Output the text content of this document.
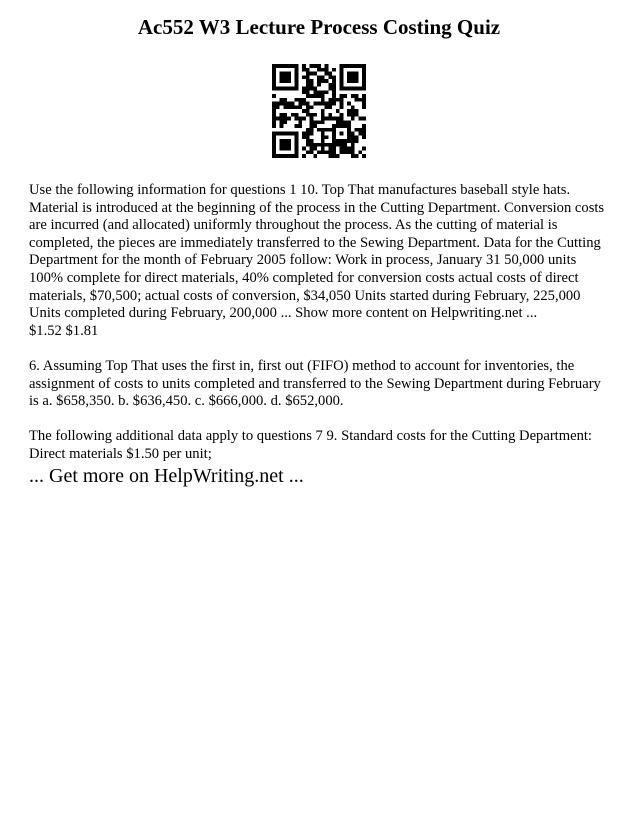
Ac552 W3 Lecture Process Costing Quiz

Use the following information for questions 1 10. Top That manufactures baseball style hats. Material is introduced at the beginning of the process in the Cutting Department. Conversion costs are incurred (and allocated) uniformly throughout the process. As the cutting of material is completed, the pieces are immediately transferred to the Sewing Department. Data for the Cutting Department for the month of February 2005 follow: Work in process, January 31 50,000 units 100% complete for direct materials, 40% completed for conversion costs actual costs of direct materials, $70,500; actual costs of conversion, $34,050 Units started during February, 225,000 Units completed during February, 200,000 ... Show more content on Helpwriting.net ...

$1.52 $1.81

6. Assuming Top That uses the first in, first out (FIFO) method to account for inventories, the assignment of costs to units completed and transferred to the Sewing Department during February is a. $658,350. b. $636,450. c. $666,000. d. $652,000.

The following additional data apply to questions 7 9. Standard costs for the Cutting Department: Direct materials $1.50 per unit;

... Get more on HelpWriting.net ...
